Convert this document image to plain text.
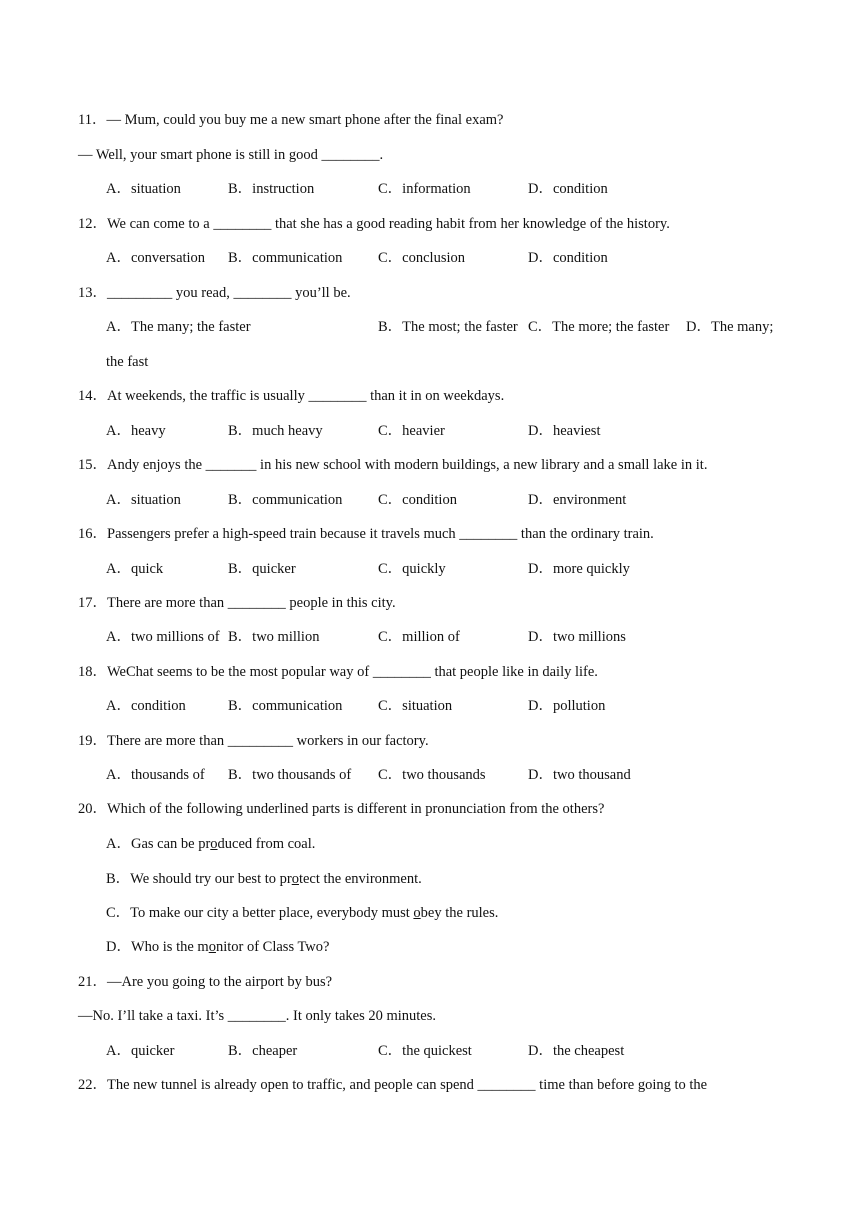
11．— Mum, could you buy me a new smart phone after the final exam?
— Well, your smart phone is still in good ________.
A．situation	B．instruction	C．information	D．condition
12．We can come to a ________ that she has a good reading habit from her knowledge of the history.
A．conversation B．communication C．conclusion	D．condition
13．_________ you read, ________ you’ll be.
A．The many; the faster	B．The most; the faster C．The more; the faster D．The many;
the fast
14．At weekends, the traffic is usually ________ than it in on weekdays.
A．heavy	B．much heavy	C．heavier	D．heaviest
15．Andy enjoys the _______ in his new school with modern buildings, a new library and a small lake in it.
A．situation	B．communication C．condition	D．environment
16．Passengers prefer a high-speed train because it travels much ________ than the ordinary train.
A．quick	B．quicker	C．quickly	D．more quickly
17．There are more than ________ people in this city.
A．two millions of B．two million	C．million of	D．two millions
18．WeChat seems to be the most popular way of ________ that people like in daily life.
A．condition	B．communication C．situation	D．pollution
19．There are more than _________ workers in our factory.
A．thousands of B．two thousands of C．two thousands	D．two thousand
20．Which of the following underlined parts is different in pronunciation from the others?
A．Gas can be produced from coal.
B．We should try our best to protect the environment.
C．To make our city a better place, everybody must obey the rules.
D．Who is the monitor of Class Two?
21．—Are you going to the airport by bus?
—No. I’ll take a taxi. It’s ________. It only takes 20 minutes.
A．quicker	B．cheaper	C．the quickest	D．the cheapest
22．The new tunnel is already open to traffic, and people can spend ________ time than before going to the
